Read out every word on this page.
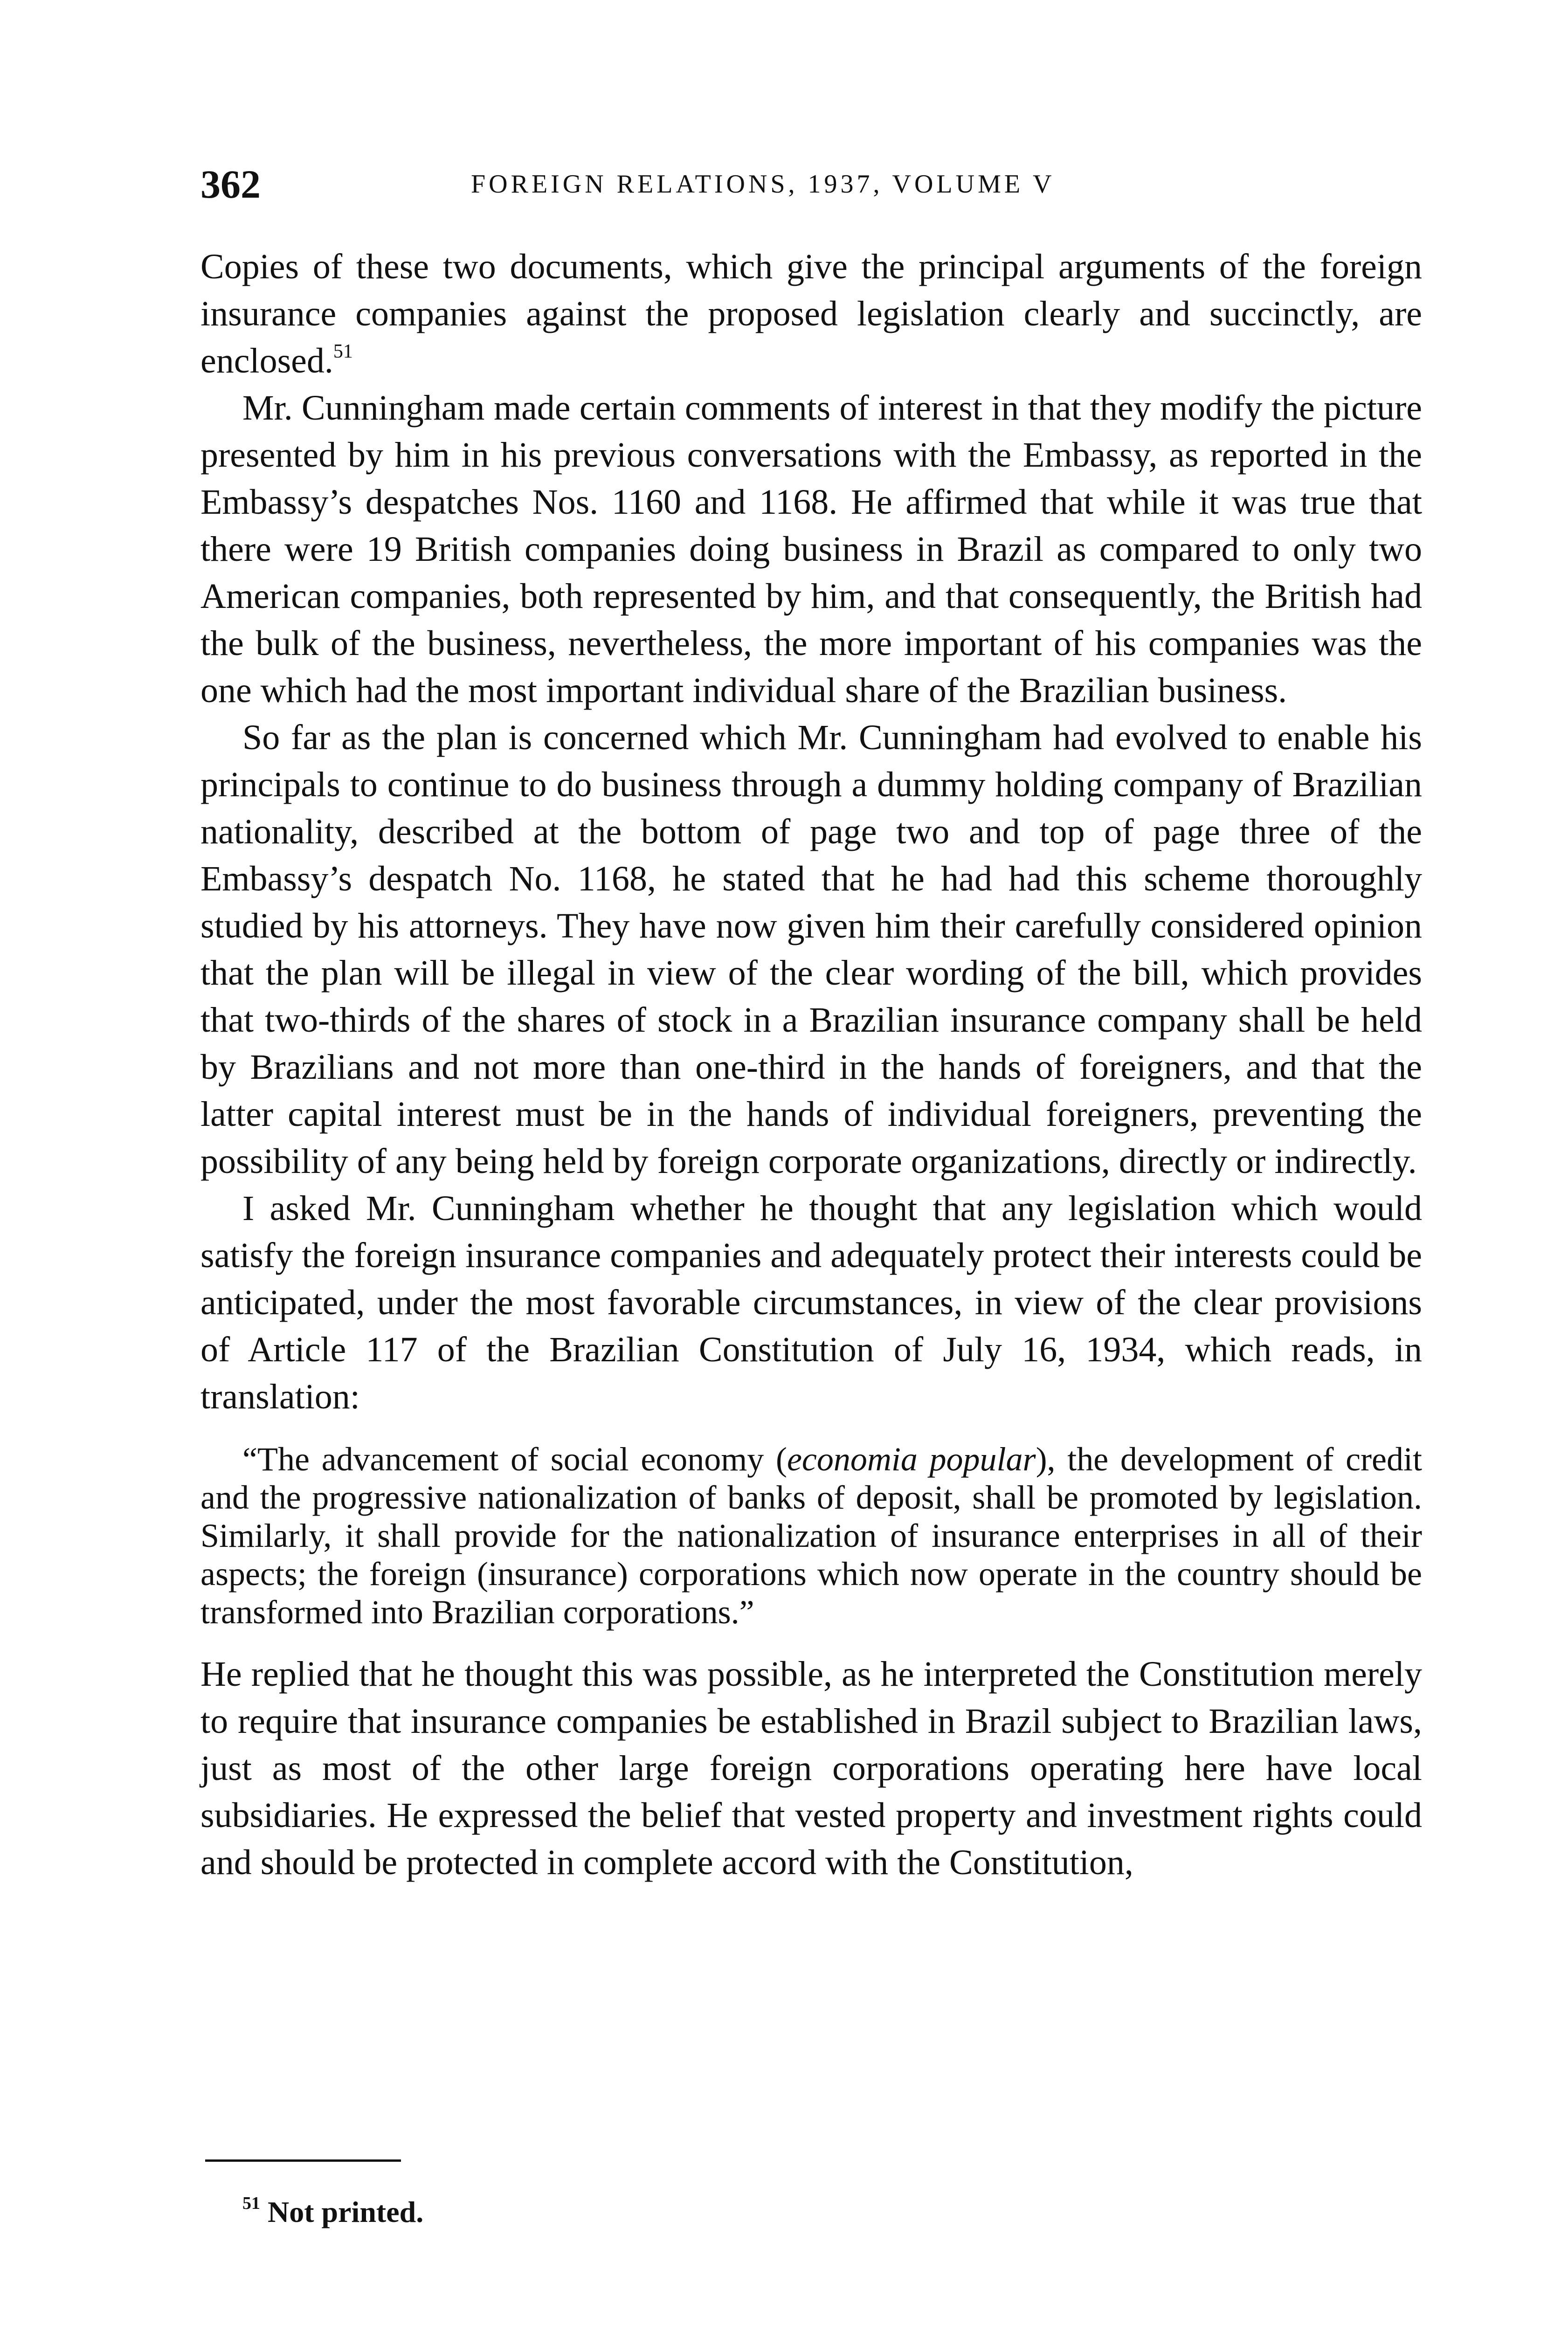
362	FOREIGN RELATIONS, 1937, VOLUME V

Copies of these two documents, which give the principal arguments of the foreign insurance companies against the proposed legislation clearly and succinctly, are enclosed.$^{51}$

Mr. Cunningham made certain comments of interest in that they modify the picture presented by him in his previous conversations with the Embassy, as reported in the Embassy’s despatches Nos. 1160 and 1168. He affirmed that while it was true that there were 19 British companies doing business in Brazil as compared to only two American companies, both represented by him, and that consequently, the British had the bulk of the business, nevertheless, the more important of his companies was the one which had the most important individual share of the Brazilian business.

So far as the plan is concerned which Mr. Cunningham had evolved to enable his principals to continue to do business through a dummy holding company of Brazilian nationality, described at the bottom of page two and top of page three of the Embassy’s despatch No. 1168, he stated that he had had this scheme thoroughly studied by his attorneys. They have now given him their carefully considered opinion that the plan will be illegal in view of the clear wording of the bill, which provides that two-thirds of the shares of stock in a Brazilian insurance company shall be held by Brazilians and not more than one-third in the hands of foreigners, and that the latter capital interest must be in the hands of individual foreigners, preventing the possibility of any being held by foreign corporate organizations, directly or indirectly.

I asked Mr. Cunningham whether he thought that any legislation which would satisfy the foreign insurance companies and adequately protect their interests could be anticipated, under the most favorable circumstances, in view of the clear provisions of Article 117 of the Brazilian Constitution of July 16, 1934, which reads, in translation:

“The advancement of social economy (economia popular), the development of credit and the progressive nationalization of banks of deposit, shall be promoted by legislation. Similarly, it shall provide for the nationalization of insurance enterprises in all of their aspects; the foreign (insurance) corporations which now operate in the country should be transformed into Brazilian corporations.”

He replied that he thought this was possible, as he interpreted the Constitution merely to require that insurance companies be established in Brazil subject to Brazilian laws, just as most of the other large foreign corporations operating here have local subsidiaries. He expressed the belief that vested property and investment rights could and should be protected in complete accord with the Constitution,

$^{51}$ Not printed.
